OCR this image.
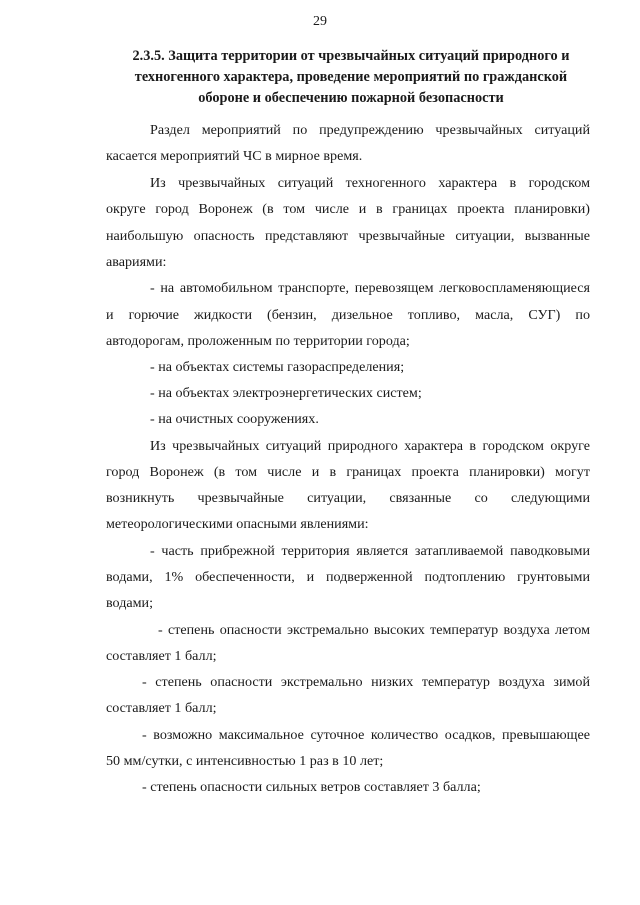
29
2.3.5. Защита территории от чрезвычайных ситуаций природного и
техногенного характера, проведение мероприятий по гражданской
обороне и обеспечению пожарной безопасности
Раздел мероприятий по предупреждению чрезвычайных ситуаций
касается мероприятий ЧС в мирное время.
Из чрезвычайных ситуаций техногенного характера в городском
округе город Воронеж (в том числе и в границах проекта планировки)
наибольшую опасность представляют чрезвычайные ситуации, вызванные
авариями:
- на автомобильном транспорте, перевозящем легковоспламеняющиеся
и горючие жидкости (бензин, дизельное топливо, масла, СУГ) по
автодорогам, проложенным по территории города;
- на объектах системы газораспределения;
- на объектах электроэнергетических систем;
- на очистных сооружениях.
Из чрезвычайных ситуаций природного характера в городском округе
город Воронеж (в том числе и в границах проекта планировки) могут
возникнуть чрезвычайные ситуации, связанные со следующими
метеорологическими опасными явлениями:
- часть прибрежной территория является затапливаемой паводковыми
водами, 1% обеспеченности, и подверженной подтоплению грунтовыми
водами;
- степень опасности экстремально высоких температур воздуха летом
составляет 1 балл;
- степень опасности экстремально низких температур воздуха зимой
составляет 1 балл;
- возможно максимальное суточное количество осадков, превышающее
50 мм/сутки, с интенсивностью 1 раз в 10 лет;
- степень опасности сильных ветров составляет 3 балла;
